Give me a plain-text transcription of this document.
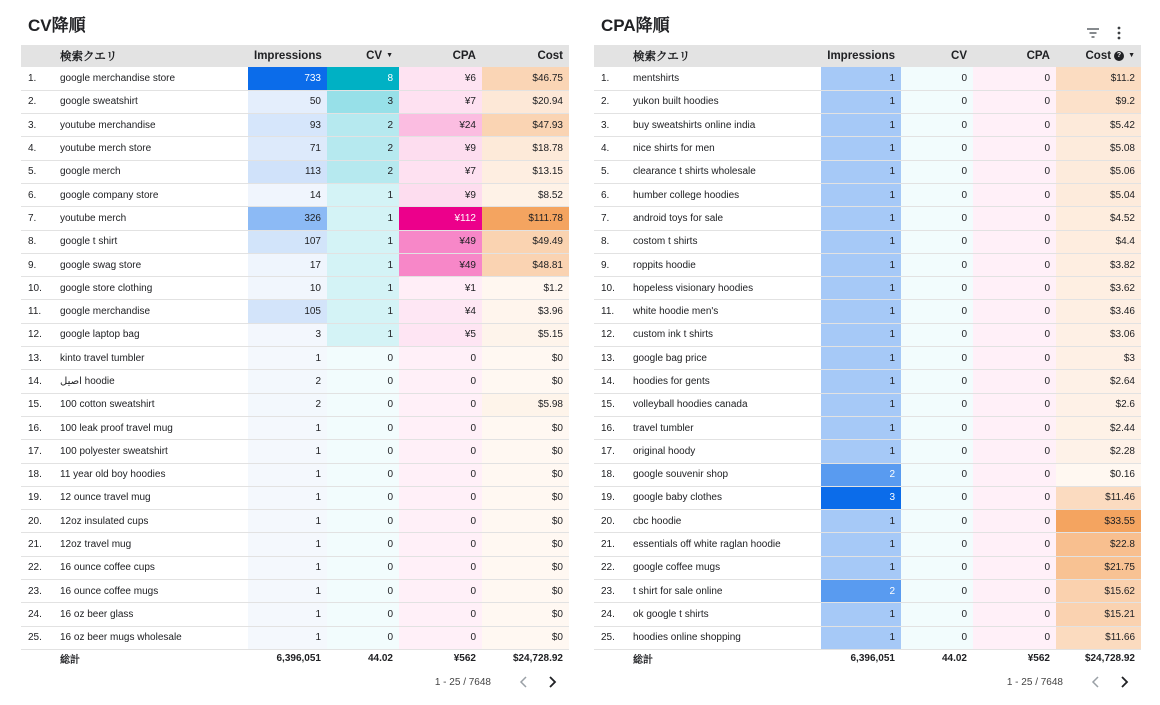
CV降順
	検索クエリ	Impressions	CV ▼	CPA	Cost
1.	google merchandise store	733	8	¥6	$46.75
2.	google sweatshirt	50	3	¥7	$20.94
3.	youtube merchandise	93	2	¥24	$47.93
4.	youtube merch store	71	2	¥9	$18.78
5.	google merch	113	2	¥7	$13.15
6.	google company store	14	1	¥9	$8.52
7.	youtube merch	326	1	¥112	$111.78
8.	google t shirt	107	1	¥49	$49.49
9.	google swag store	17	1	¥49	$48.81
10.	google store clothing	10	1	¥1	$1.2
11.	google merchandise	105	1	¥4	$3.96
12.	google laptop bag	3	1	¥5	$5.15
13.	kinto travel tumbler	1	0	0	$0
14.	اصيل hoodie	2	0	0	$0
15.	100 cotton sweatshirt	2	0	0	$5.98
16.	100 leak proof travel mug	1	0	0	$0
17.	100 polyester sweatshirt	1	0	0	$0
18.	11 year old boy hoodies	1	0	0	$0
19.	12 ounce travel mug	1	0	0	$0
20.	12oz insulated cups	1	0	0	$0
21.	12oz travel mug	1	0	0	$0
22.	16 ounce coffee cups	1	0	0	$0
23.	16 ounce coffee mugs	1	0	0	$0
24.	16 oz beer glass	1	0	0	$0
25.	16 oz beer mugs wholesale	1	0	0	$0
	総計	6,396,051	44.02	¥562	$24,728.92
1 - 25 / 7648
CPA降順
	検索クエリ	Impressions	CV	CPA	Cost ? ▼
1.	mentshirts	1	0	0	$11.2
2.	yukon built hoodies	1	0	0	$9.2
3.	buy sweatshirts online india	1	0	0	$5.42
4.	nice shirts for men	1	0	0	$5.08
5.	clearance t shirts wholesale	1	0	0	$5.06
6.	humber college hoodies	1	0	0	$5.04
7.	android toys for sale	1	0	0	$4.52
8.	costom t shirts	1	0	0	$4.4
9.	roppits hoodie	1	0	0	$3.82
10.	hopeless visionary hoodies	1	0	0	$3.62
11.	white hoodie men's	1	0	0	$3.46
12.	custom ink t shirts	1	0	0	$3.06
13.	google bag price	1	0	0	$3
14.	hoodies for gents	1	0	0	$2.64
15.	volleyball hoodies canada	1	0	0	$2.6
16.	travel tumbler	1	0	0	$2.44
17.	original hoody	1	0	0	$2.28
18.	google souvenir shop	2	0	0	$0.16
19.	google baby clothes	3	0	0	$11.46
20.	cbc hoodie	1	0	0	$33.55
21.	essentials off white raglan hoodie	1	0	0	$22.8
22.	google coffee mugs	1	0	0	$21.75
23.	t shirt for sale online	2	0	0	$15.62
24.	ok google t shirts	1	0	0	$15.21
25.	hoodies online shopping	1	0	0	$11.66
	総計	6,396,051	44.02	¥562	$24,728.92
1 - 25 / 7648
